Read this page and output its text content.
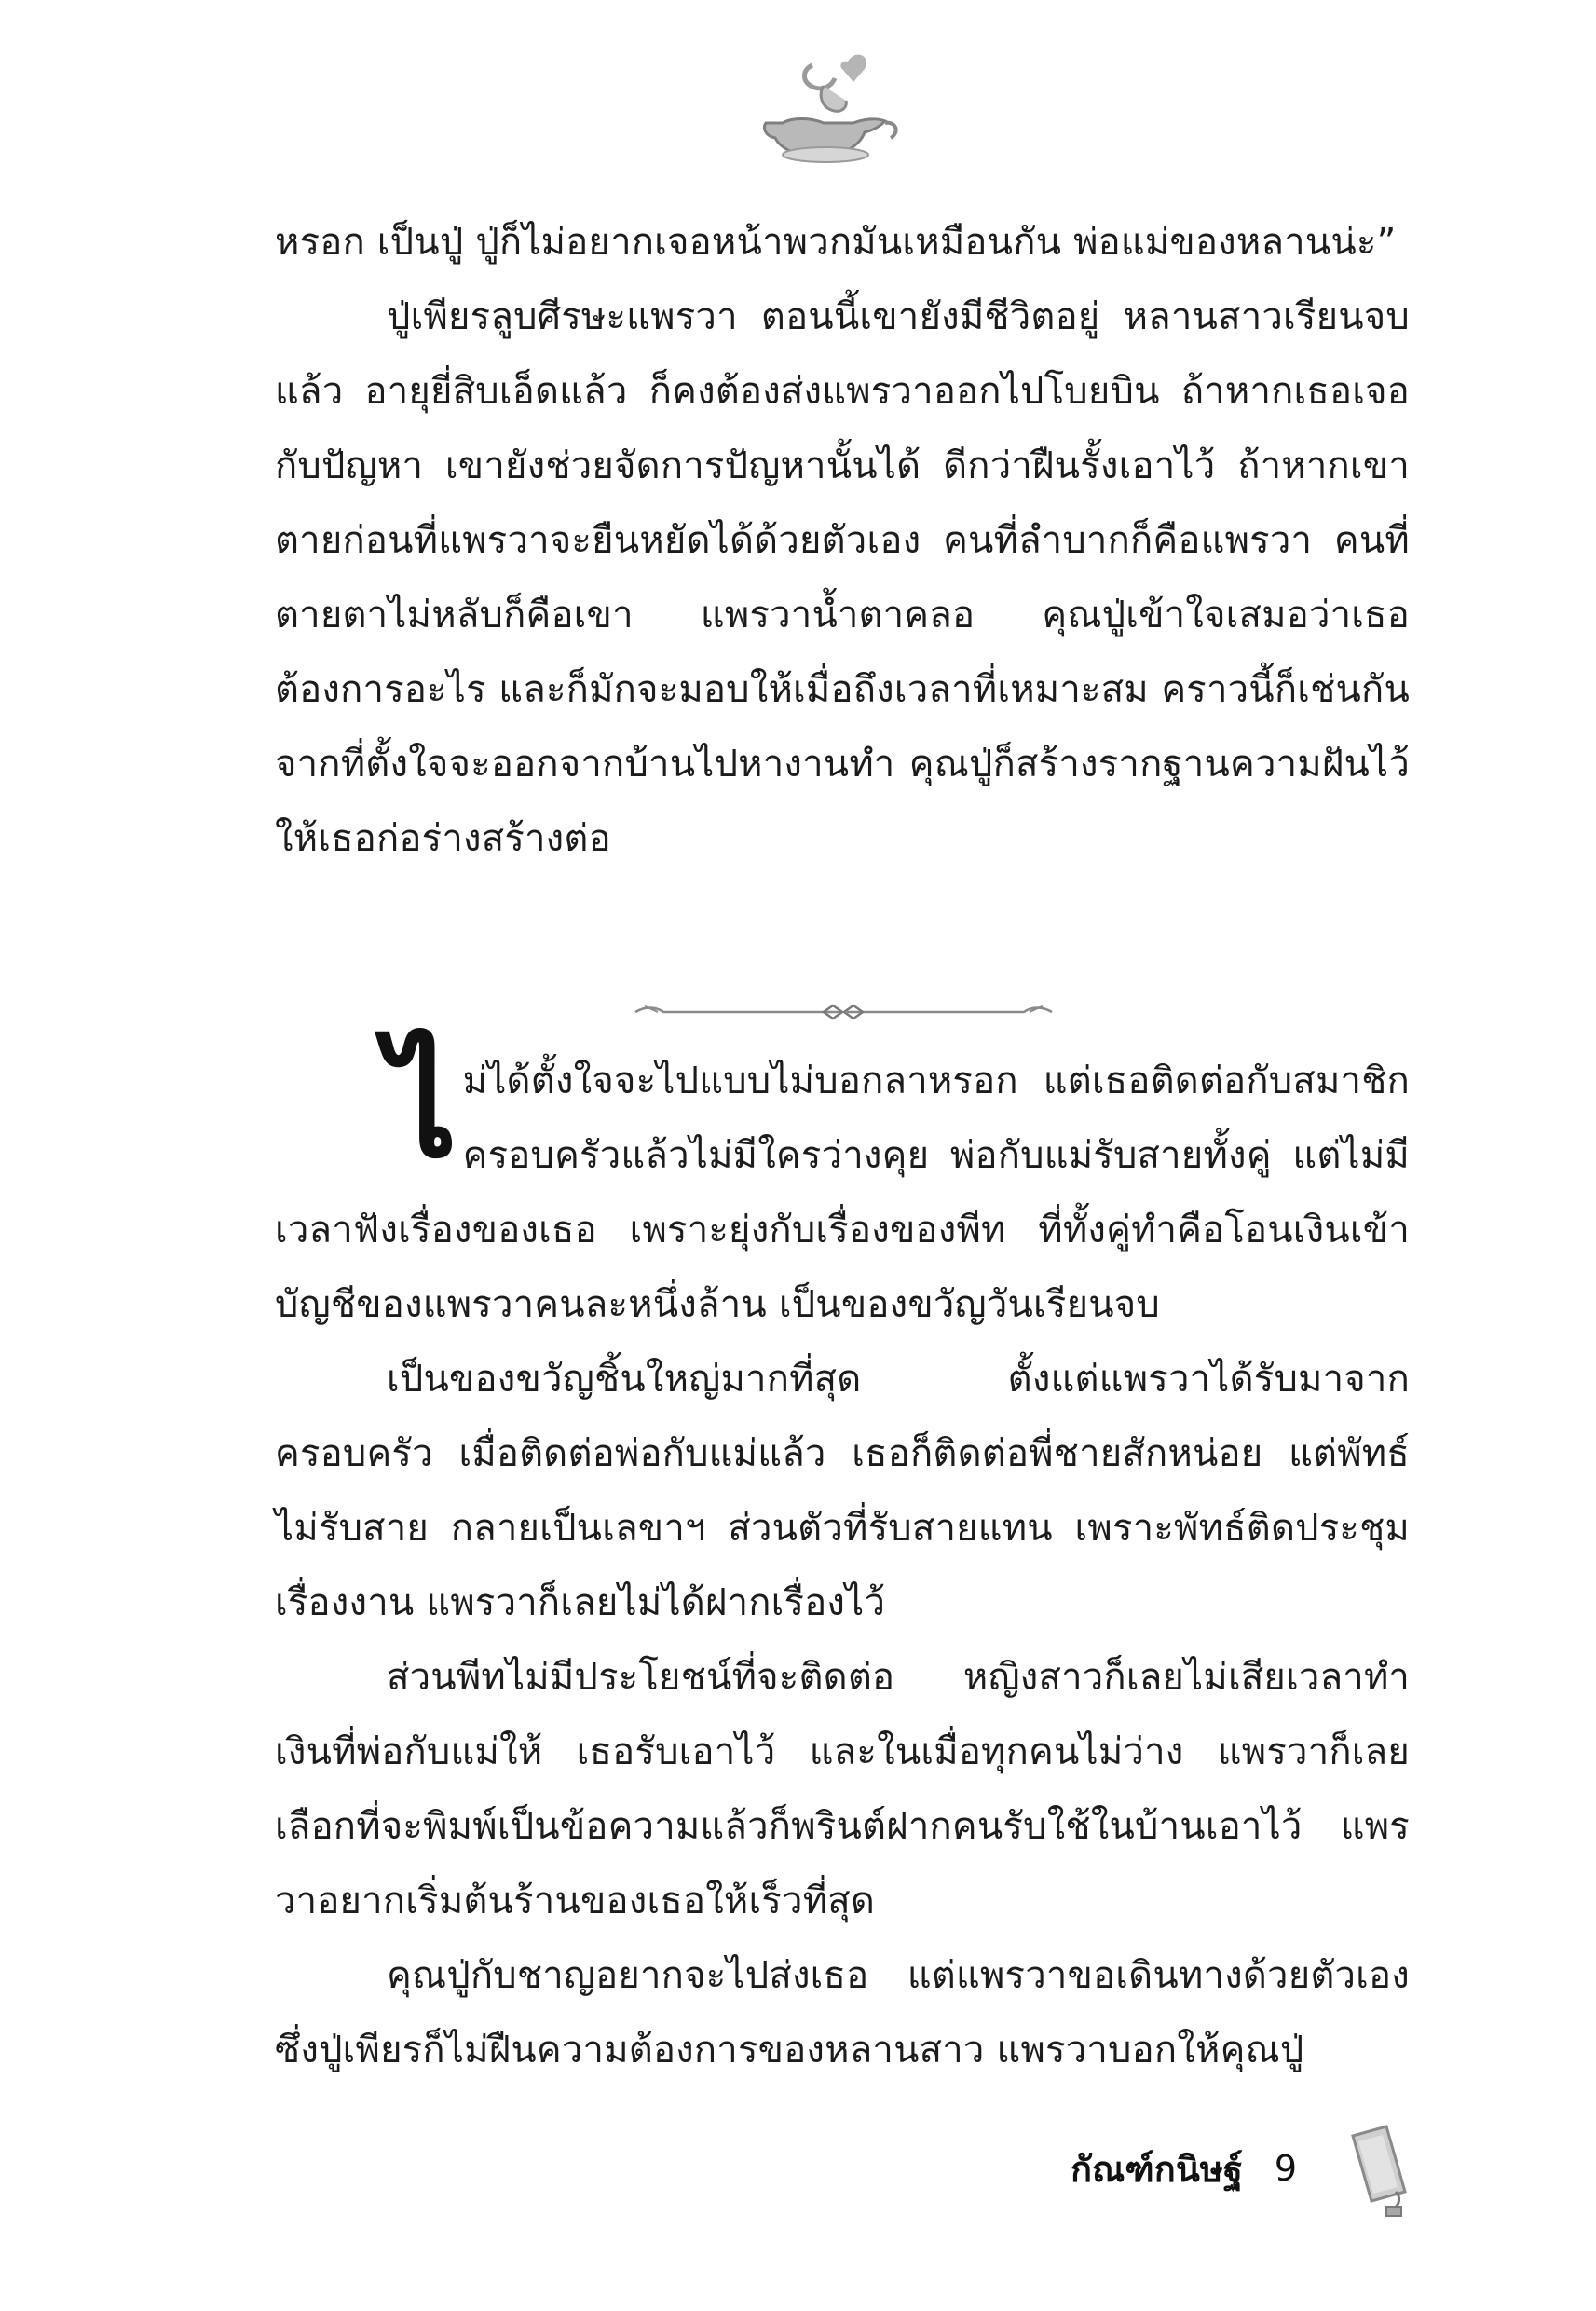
หรอก เป็นปู่ ปู่ก็ไม่อยากเจอหน้าพวกมันเหมือนกัน พ่อแม่ของหลานน่ะ”

ปู่เพียรลูบศีรษะแพรวา ตอนนี้เขายังมีชีวิตอยู่ หลานสาวเรียนจบแล้ว อายุยี่สิบเอ็ดแล้ว ก็คงต้องส่งแพรวาออกไปโบยบิน ถ้าหากเธอเจอกับปัญหา เขายังช่วยจัดการปัญหานั้นได้ ดีกว่าฝืนรั้งเอาไว้ ถ้าหากเขาตายก่อนที่แพรวาจะยืนหยัดได้ด้วยตัวเอง คนที่ลำบากก็คือแพรวา คนที่ตายตาไม่หลับก็คือเขา แพรวาน้ำตาคลอ คุณปู่เข้าใจเสมอว่าเธอต้องการอะไร และก็มักจะมอบให้เมื่อถึงเวลาที่เหมาะสม คราวนี้ก็เช่นกัน จากที่ตั้งใจจะออกจากบ้านไปหางานทำ คุณปู่ก็สร้างรากฐานความฝันไว้ให้เธอก่อร่างสร้างต่อ

ไม่ได้ตั้งใจจะไปแบบไม่บอกลาหรอก แต่เธอติดต่อกับสมาชิกครอบครัวแล้วไม่มีใครว่างคุย พ่อกับแม่รับสายทั้งคู่ แต่ไม่มีเวลาฟังเรื่องของเธอ เพราะยุ่งกับเรื่องของพีท ที่ทั้งคู่ทำคือโอนเงินเข้าบัญชีของแพรวาคนละหนึ่งล้าน เป็นของขวัญวันเรียนจบ

เป็นของขวัญชิ้นใหญ่มากที่สุด ตั้งแต่แพรวาได้รับมาจากครอบครัว เมื่อติดต่อพ่อกับแม่แล้ว เธอก็ติดต่อพี่ชายสักหน่อย แต่พัทธ์ไม่รับสาย กลายเป็นเลขาฯ ส่วนตัวที่รับสายแทน เพราะพัทธ์ติดประชุมเรื่องงาน แพรวาก็เลยไม่ได้ฝากเรื่องไว้

ส่วนพีทไม่มีประโยชน์ที่จะติดต่อ หญิงสาวก็เลยไม่เสียเวลาทำ เงินที่พ่อกับแม่ให้ เธอรับเอาไว้ และในเมื่อทุกคนไม่ว่าง แพรวาก็เลยเลือกที่จะพิมพ์เป็นข้อความแล้วก็พรินต์ฝากคนรับใช้ในบ้านเอาไว้ แพรวาอยากเริ่มต้นร้านของเธอให้เร็วที่สุด

คุณปู่กับชาญอยากจะไปส่งเธอ แต่แพรวาขอเดินทางด้วยตัวเอง ซึ่งปู่เพียรก็ไม่ฝืนความต้องการของหลานสาว แพรวาบอกให้คุณปู่

กัณฑ์กนิษฐ์ 9
